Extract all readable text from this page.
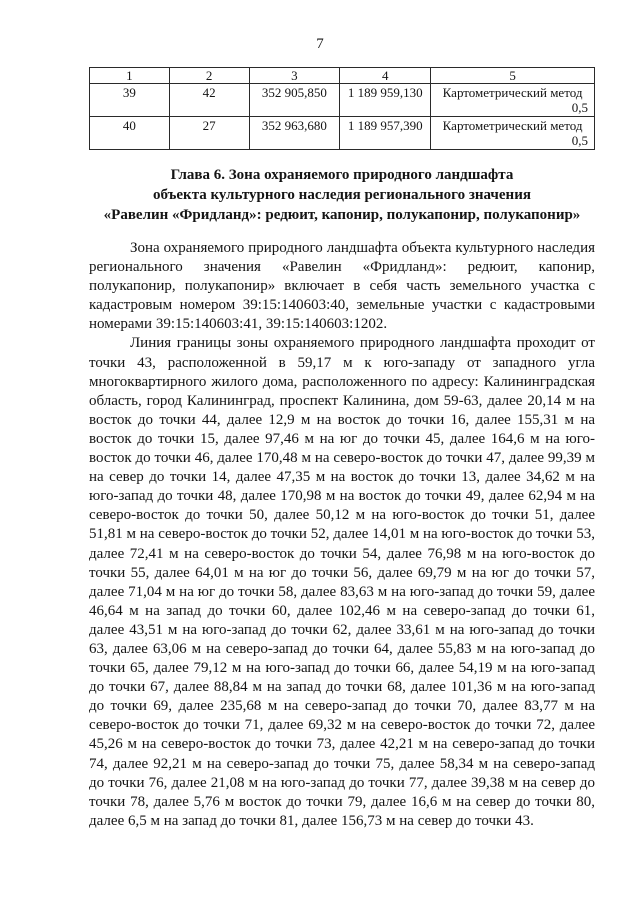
7
1	2	3	4	5
39	42	352 905,850	1 189 959,130	Картометрический метод
0,5

40	27	352 963,680	1 189 957,390	Картометрический метод
0,5
Глава 6. Зона охраняемого природного ландшафта
объекта культурного наследия регионального значения
«Равелин «Фридланд»: редюит, капонир, полукапонир, полукапонир»

Зона охраняемого природного ландшафта объекта культурного наследия регионального значения «Равелин «Фридланд»: редюит, капонир, полукапонир, полукапонир» включает в себя часть земельного участка с кадастровым номером 39:15:140603:40, земельные участки с кадастровыми номерами 39:15:140603:41, 39:15:140603:1202.

Линия границы зоны охраняемого природного ландшафта проходит от точки 43, расположенной в 59,17 м к юго-западу от западного угла многоквартирного жилого дома, расположенного по адресу: Калининградская область, город Калининград, проспект Калинина, дом 59-63, далее 20,14 м на восток до точки 44, далее 12,9 м на восток до точки 16, далее 155,31 м на восток до точки 15, далее 97,46 м на юг до точки 45, далее 164,6 м на юго-восток до точки 46, далее 170,48 м на северо-восток до точки 47, далее 99,39 м на север до точки 14, далее 47,35 м на восток до точки 13, далее 34,62 м на юго-запад до точки 48, далее 170,98 м на восток до точки 49, далее 62,94 м на северо-восток до точки 50, далее 50,12 м на юго-восток до точки 51, далее 51,81 м на северо-восток до точки 52, далее 14,01 м на юго-восток до точки 53, далее 72,41 м на северо-восток до точки 54, далее 76,98 м на юго-восток до точки 55, далее 64,01 м на юг до точки 56, далее 69,79 м на юг до точки 57, далее 71,04 м на юг до точки 58, далее 83,63 м на юго-запад до точки 59, далее 46,64 м на запад до точки 60, далее 102,46 м на северо-запад до точки 61, далее 43,51 м на юго-запад до точки 62, далее 33,61 м на юго-запад до точки 63, далее 63,06 м на северо-запад до точки 64, далее 55,83 м на юго-запад до точки 65, далее 79,12 м на юго-запад до точки 66, далее 54,19 м на юго-запад до точки 67, далее 88,84 м на запад до точки 68, далее 101,36 м на юго-запад до точки 69, далее 235,68 м на северо-запад до точки 70, далее 83,77 м на северо-восток до точки 71, далее 69,32 м на северо-восток до точки 72, далее 45,26 м на северо-восток до точки 73, далее 42,21 м на северо-запад до точки 74, далее 92,21 м на северо-запад до точки 75, далее 58,34 м на северо-запад до точки 76, далее 21,08 м на юго-запад до точки 77, далее 39,38 м на север до точки 78, далее 5,76 м восток до точки 79, далее 16,6 м на север до точки 80, далее 6,5 м на запад до точки 81, далее 156,73 м на север до точки 43.
